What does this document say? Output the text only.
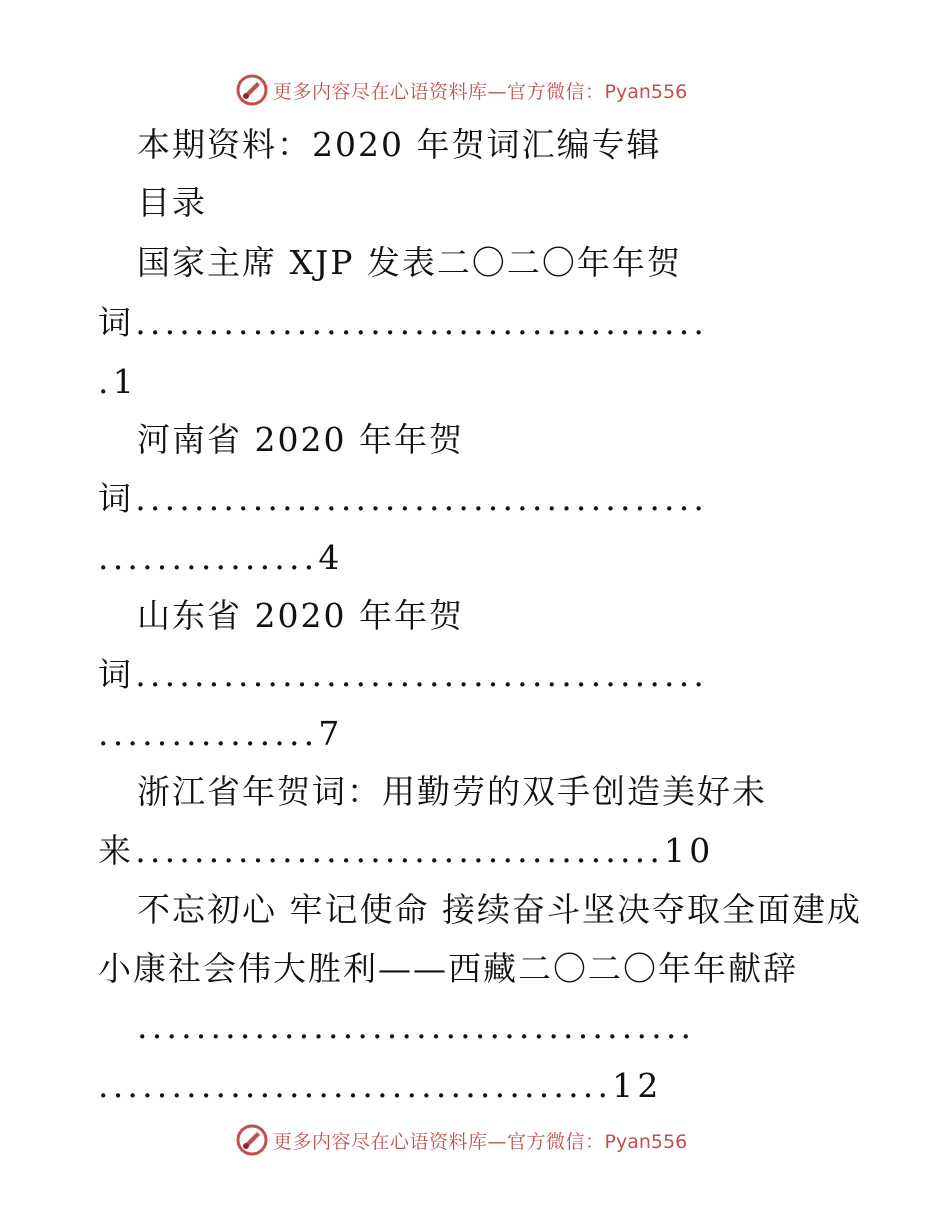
更多内容尽在心语资料库—官方微信：Pyan556
本期资料：2020 年贺词汇编专辑
目录
国家主席 XJP 发表二〇二〇年年贺
词.......................................
.1
河南省 2020 年年贺
词.......................................
...............4
山东省 2020 年年贺
词.......................................
...............7
浙江省年贺词：用勤劳的双手创造美好未
来....................................10
不忘初心 牢记使命 接续奋斗坚决夺取全面建成
小康社会伟大胜利——西藏二〇二〇年年献辞
......................................
...................................12
更多内容尽在心语资料库—官方微信：Pyan556
